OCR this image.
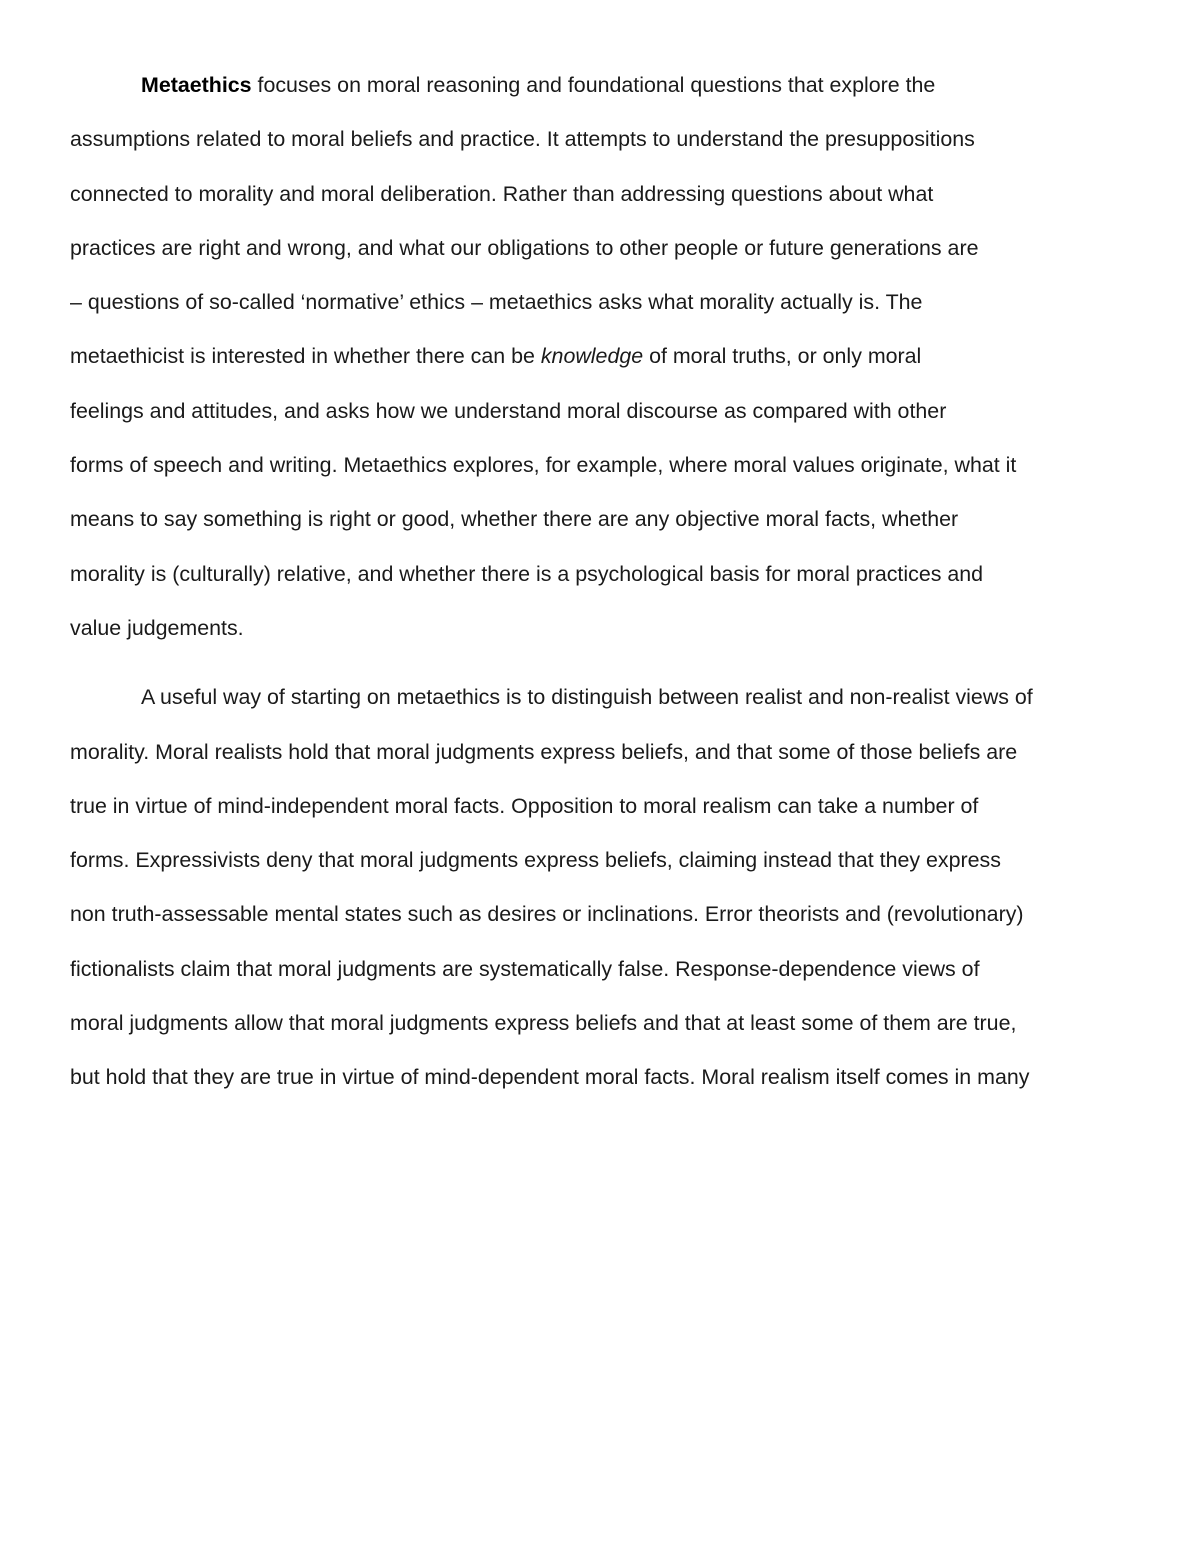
Metaethics focuses on moral reasoning and foundational questions that explore the
assumptions related to moral beliefs and practice. It attempts to understand the presuppositions
connected to morality and moral deliberation. Rather than addressing questions about what
practices are right and wrong, and what our obligations to other people or future generations are
– questions of so-called ‘normative’ ethics – metaethics asks what morality actually is. The
metaethicist is interested in whether there can be knowledge of moral truths, or only moral
feelings and attitudes, and asks how we understand moral discourse as compared with other
forms of speech and writing. Metaethics explores, for example, where moral values originate, what it
means to say something is right or good, whether there are any objective moral facts, whether
morality is (culturally) relative, and whether there is a psychological basis for moral practices and
value judgements.
A useful way of starting on metaethics is to distinguish between realist and non-realist views of
morality. Moral realists hold that moral judgments express beliefs, and that some of those beliefs are
true in virtue of mind-independent moral facts. Opposition to moral realism can take a number of
forms. Expressivists deny that moral judgments express beliefs, claiming instead that they express
non truth-assessable mental states such as desires or inclinations. Error theorists and (revolutionary)
fictionalists claim that moral judgments are systematically false. Response-dependence views of
moral judgments allow that moral judgments express beliefs and that at least some of them are true,
but hold that they are true in virtue of mind-dependent moral facts. Moral realism itself comes in many
